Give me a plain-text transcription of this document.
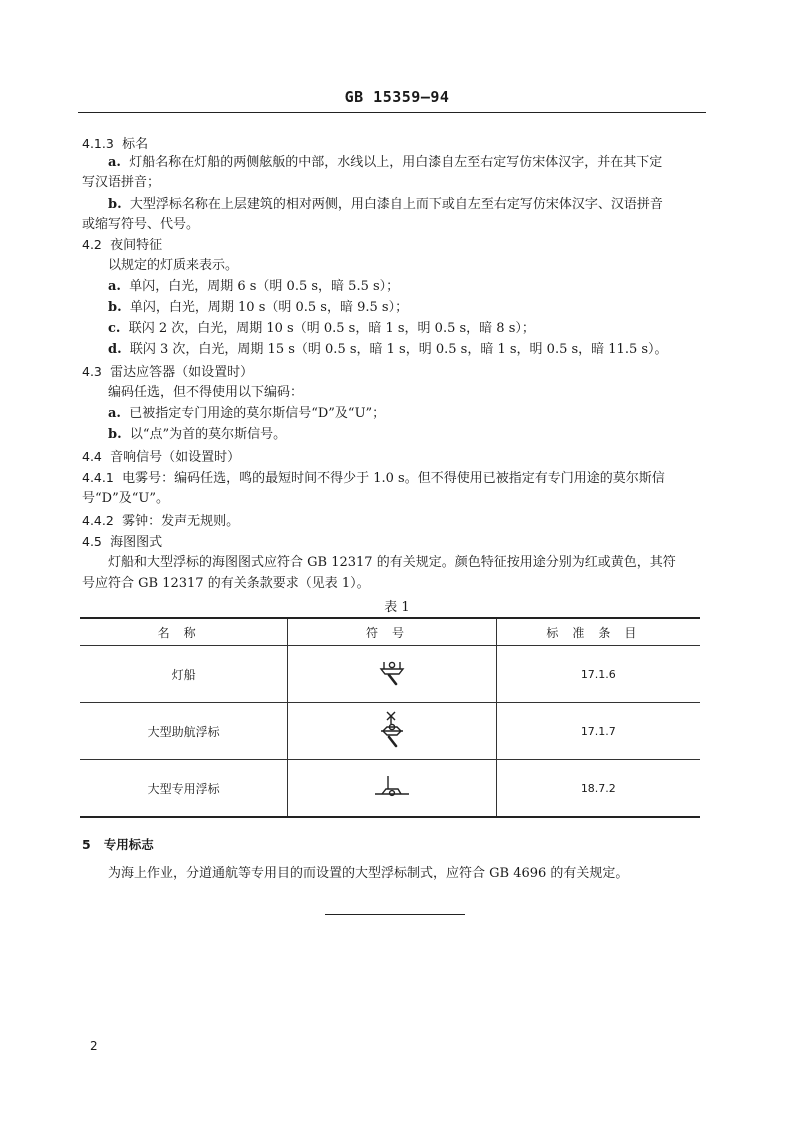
GB 15359—94
4.1.3 标名
a. 灯船名称在灯船的两侧舷舨的中部，水线以上，用白漆自左至右定写仿宋体汉字，并在其下定
写汉语拼音；
b. 大型浮标名称在上层建筑的相对两侧，用白漆自上而下或自左至右定写仿宋体汉字、汉语拼音
或缩写符号、代号。
4.2 夜间特征
以规定的灯质来表示。
a. 单闪，白光，周期 6 s（明 0.5 s，暗 5.5 s）；
b. 单闪，白光，周期 10 s（明 0.5 s，暗 9.5 s）；
c. 联闪 2 次，白光，周期 10 s（明 0.5 s，暗 1 s，明 0.5 s，暗 8 s）；
d. 联闪 3 次，白光，周期 15 s（明 0.5 s，暗 1 s，明 0.5 s，暗 1 s，明 0.5 s，暗 11.5 s）。
4.3 雷达应答器（如设置时）
编码任选，但不得使用以下编码：
a. 已被指定专门用途的莫尔斯信号“D”及“U”；
b. 以“点”为首的莫尔斯信号。
4.4 音响信号（如设置时）
4.4.1 电雾号：编码任选，鸣的最短时间不得少于 1.0 s。但不得使用已被指定有专门用途的莫尔斯信
号“D”及“U”。
4.4.2 雾钟：发声无规则。
4.5 海图图式
灯船和大型浮标的海图图式应符合 GB 12317 的有关规定。颜色特征按用途分别为红或黄色，其符
号应符合 GB 12317 的有关条款要求（见表 1）。
表 1
名称	符号	标准条目
灯船		17.1.6
大型助航浮标		17.1.7
大型专用浮标		18.7.2
5 专用标志
为海上作业，分道通航等专用目的而设置的大型浮标制式，应符合 GB 4696 的有关规定。
2
